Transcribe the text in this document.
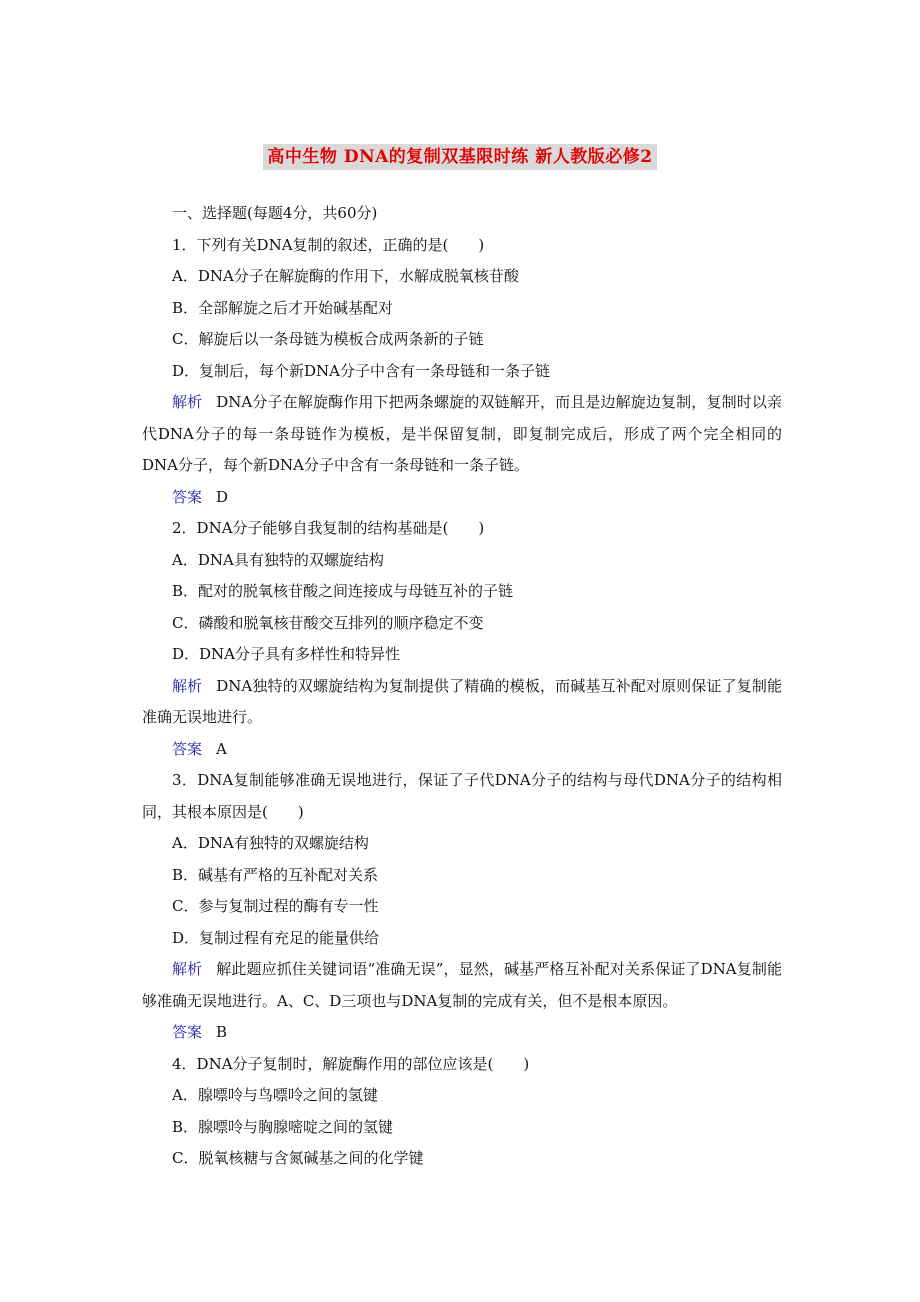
高中生物 DNA的复制双基限时练 新人教版必修2
一、选择题(每题4分，共60分)
1．下列有关DNA复制的叙述，正确的是(　　)
A．DNA分子在解旋酶的作用下，水解成脱氧核苷酸
B．全部解旋之后才开始碱基配对
C．解旋后以一条母链为模板合成两条新的子链
D．复制后，每个新DNA分子中含有一条母链和一条子链
解析 DNA分子在解旋酶作用下把两条螺旋的双链解开，而且是边解旋边复制，复制时以亲代DNA分子的每一条母链作为模板，是半保留复制，即复制完成后，形成了两个完全相同的DNA分子，每个新DNA分子中含有一条母链和一条子链。
答案 D
2．DNA分子能够自我复制的结构基础是(　　)
A．DNA具有独特的双螺旋结构
B．配对的脱氧核苷酸之间连接成与母链互补的子链
C．磷酸和脱氧核苷酸交互排列的顺序稳定不变
D．DNA分子具有多样性和特异性
解析 DNA独特的双螺旋结构为复制提供了精确的模板，而碱基互补配对原则保证了复制能准确无误地进行。
答案 A
3．DNA复制能够准确无误地进行，保证了子代DNA分子的结构与母代DNA分子的结构相同，其根本原因是(　　)
A．DNA有独特的双螺旋结构
B．碱基有严格的互补配对关系
C．参与复制过程的酶有专一性
D．复制过程有充足的能量供给
解析 解此题应抓住关键词语“准确无误”，显然，碱基严格互补配对关系保证了DNA复制能够准确无误地进行。A、C、D三项也与DNA复制的完成有关，但不是根本原因。
答案 B
4．DNA分子复制时，解旋酶作用的部位应该是(　　)
A．腺嘌呤与鸟嘌呤之间的氢键
B．腺嘌呤与胸腺嘧啶之间的氢键
C．脱氧核糖与含氮碱基之间的化学键
